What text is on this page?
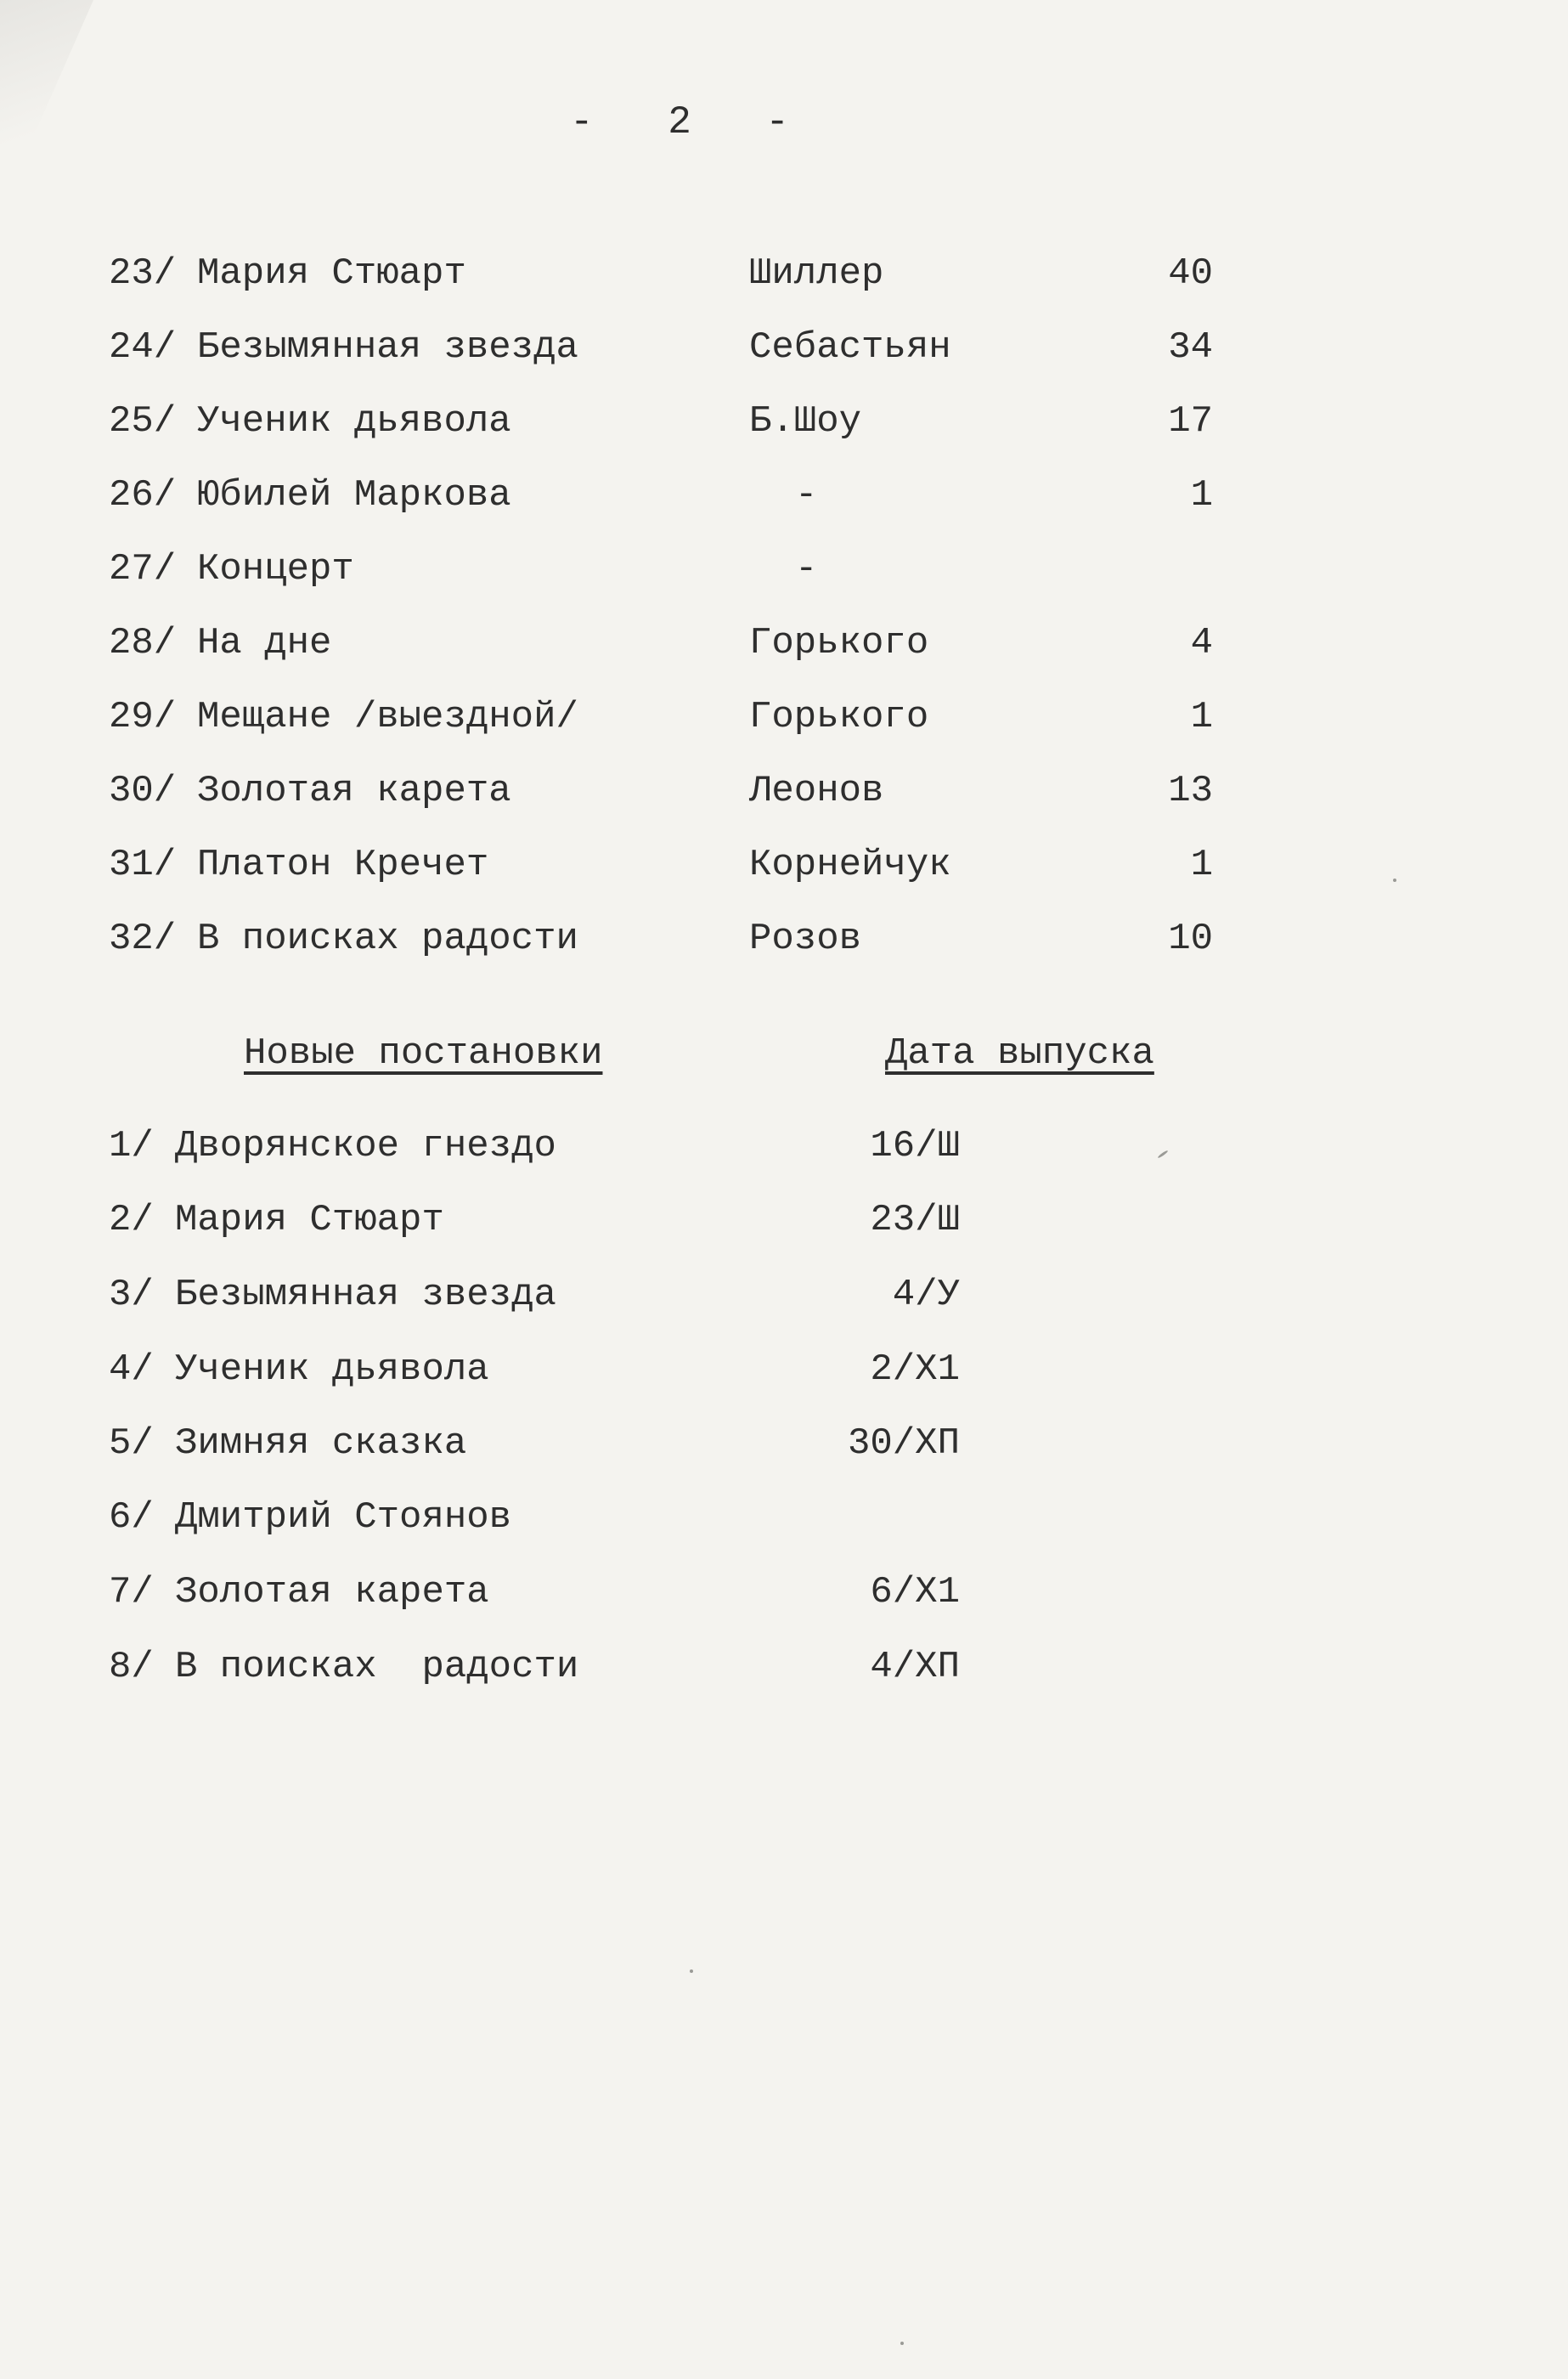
- 2 -
23/ Мария Стюарт	Шиллер	40
24/ Безымянная звезда	Себастьян	34
25/ Ученик дьявола	Б.Шоу	17
26/ Юбилей Маркова	-	1
27/ Концерт	-
28/ На дне	Горького	4
29/ Мещане /выездной/	Горького	1
30/ Золотая карета	Леонов	13
31/ Платон Кречет	Корнейчук	1
32/ В поисках радости	Розов	10
Новые постановки	Дата выпуска
1/ Дворянское гнездо	16/Ш
2/ Мария Стюарт	23/Ш
3/ Безымянная звезда	4/У
4/ Ученик дьявола	2/Х1
5/ Зимняя сказка	30/ХП
6/ Дмитрий Стоянов
7/ Золотая карета	6/Х1
8/ В поисках  радости	4/ХП
